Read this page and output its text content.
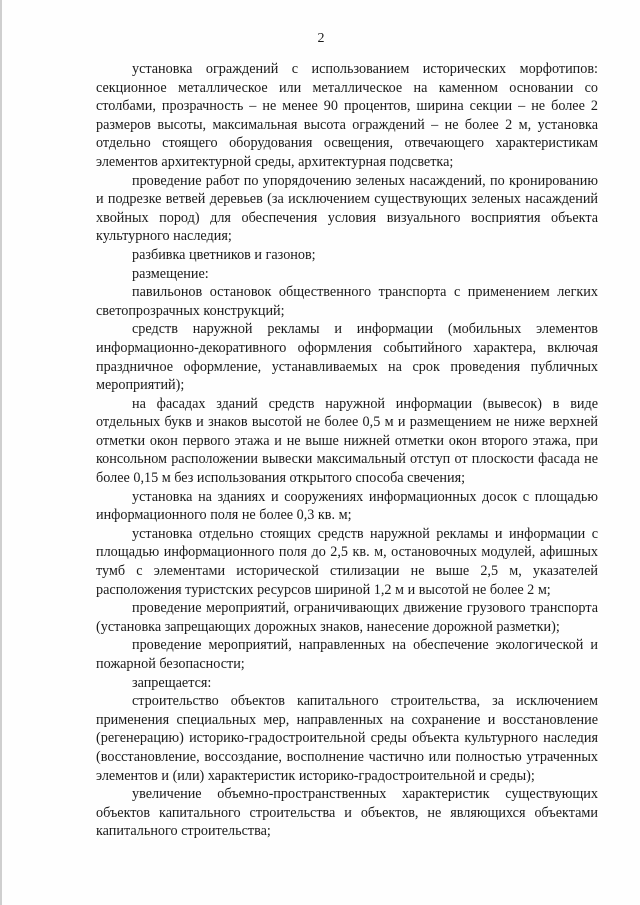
2

установка ограждений с использованием исторических морфотипов: секционное металлическое или металлическое на каменном основании со столбами, прозрачность – не менее 90 процентов, ширина секции – не более 2 размеров высоты, максимальная высота ограждений – не более 2 м, установка отдельно стоящего оборудования освещения, отвечающего характеристикам элементов архитектурной среды, архитектурная подсветка;

проведение работ по упорядочению зеленых насаждений, по кронированию и подрезке ветвей деревьев (за исключением существующих зеленых насаждений хвойных пород) для обеспечения условия визуального восприятия объекта культурного наследия;

разбивка цветников и газонов;

размещение:

павильонов остановок общественного транспорта с применением легких светопрозрачных конструкций;

средств наружной рекламы и информации (мобильных элементов информационно-декоративного оформления событийного характера, включая праздничное оформление, устанавливаемых на срок проведения публичных мероприятий);

на фасадах зданий средств наружной информации (вывесок) в виде отдельных букв и знаков высотой не более 0,5 м и размещением не ниже верхней отметки окон первого этажа и не выше нижней отметки окон второго этажа, при консольном расположении вывески максимальный отступ от плоскости фасада не более 0,15 м без использования открытого способа свечения;

установка на зданиях и сооружениях информационных досок с площадью информационного поля не более 0,3 кв. м;

установка отдельно стоящих средств наружной рекламы и информации с площадью информационного поля до 2,5 кв. м, остановочных модулей, афишных тумб с элементами исторической стилизации не выше 2,5 м, указателей расположения туристских ресурсов шириной 1,2 м и высотой не более 2 м;

проведение мероприятий, ограничивающих движение грузового транспорта (установка запрещающих дорожных знаков, нанесение дорожной разметки);

проведение мероприятий, направленных на обеспечение экологической и пожарной безопасности;

запрещается:

строительство объектов капитального строительства, за исключением применения специальных мер, направленных на сохранение и восстановление (регенерацию) историко-градостроительной среды объекта культурного наследия (восстановление, воссоздание, восполнение частично или полностью утраченных элементов и (или) характеристик историко-градостроительной и среды);

увеличение объемно-пространственных характеристик существующих объектов капитального строительства и объектов, не являющихся объектами капитального строительства;
